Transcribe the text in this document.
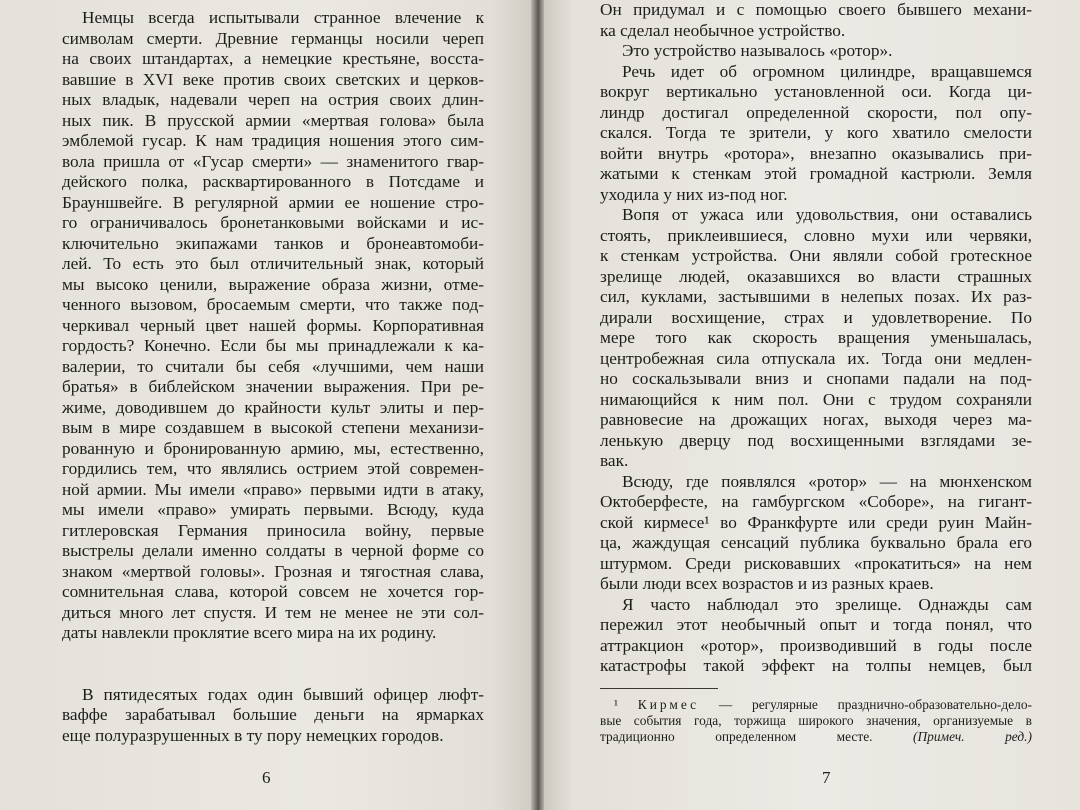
Немцы всегда испытывали странное влечение к
символам смерти. Древние германцы носили череп
на своих штандартах, а немецкие крестьяне, восста-
вавшие в XVI веке против своих светских и церков-
ных владык, надевали череп на острия своих длин-
ных пик. В прусской армии «мертвая голова» была
эмблемой гусар. К нам традиция ношения этого сим-
вола пришла от «Гусар смерти» — знаменитого гвар-
дейского полка, расквартированного в Потсдаме и
Брауншвейге. В регулярной армии ее ношение стро-
го ограничивалось бронетанковыми войсками и ис-
ключительно экипажами танков и бронеавтомоби-
лей. То есть это был отличительный знак, который
мы высоко ценили, выражение образа жизни, отме-
ченного вызовом, бросаемым смерти, что также под-
черкивал черный цвет нашей формы. Корпоративная
гордость? Конечно. Если бы мы принадлежали к ка-
валерии, то считали бы себя «лучшими, чем наши
братья» в библейском значении выражения. При ре-
жиме, доводившем до крайности культ элиты и пер-
вым в мире создавшем в высокой степени механизи-
рованную и бронированную армию, мы, естественно,
гордились тем, что являлись острием этой современ-
ной армии. Мы имели «право» первыми идти в атаку,
мы имели «право» умирать первыми. Всюду, куда
гитлеровская Германия приносила войну, первые
выстрелы делали именно солдаты в черной форме со
знаком «мертвой головы». Грозная и тягостная слава,
сомнительная слава, которой совсем не хочется гор-
диться много лет спустя. И тем не менее не эти сол-
даты навлекли проклятие всего мира на их родину.
В пятидесятых годах один бывший офицер люфт-
ваффе зарабатывал большие деньги на ярмарках
еще полуразрушенных в ту пору немецких городов.
Он придумал и с помощью своего бывшего механи-
ка сделал необычное устройство.
Это устройство называлось «ротор».
Речь идет об огромном цилиндре, вращавшемся
вокруг вертикально установленной оси. Когда ци-
линдр достигал определенной скорости, пол опу-
скался. Тогда те зрители, у кого хватило смелости
войти внутрь «ротора», внезапно оказывались при-
жатыми к стенкам этой громадной кастрюли. Земля
уходила у них из-под ног.
Вопя от ужаса или удовольствия, они оставались
стоять, приклеившиеся, словно мухи или червяки,
к стенкам устройства. Они являли собой гротескное
зрелище людей, оказавшихся во власти страшных
сил, куклами, застывшими в нелепых позах. Их раз-
дирали восхищение, страх и удовлетворение. По
мере того как скорость вращения уменьшалась,
центробежная сила отпускала их. Тогда они медлен-
но соскальзывали вниз и снопами падали на под-
нимающийся к ним пол. Они с трудом сохраняли
равновесие на дрожащих ногах, выходя через ма-
ленькую дверцу под восхищенными взглядами зе-
вак.
Всюду, где появлялся «ротор» — на мюнхенском
Октоберфесте, на гамбургском «Соборе», на гигант-
ской кирмесе¹ во Франкфурте или среди руин Майн-
ца, жаждущая сенсаций публика буквально брала его
штурмом. Среди рисковавших «прокатиться» на нем
были люди всех возрастов и из разных краев.
Я часто наблюдал это зрелище. Однажды сам
пережил этот необычный опыт и тогда понял, что
аттракцион «ротор», производивший в годы после
катастрофы такой эффект на толпы немцев, был
¹ Кирмес — регулярные празднично-образовательно-дело-
вые события года, торжища широкого значения, организуемые в
традиционно определенном месте. (Примеч. ред.)
6	7
